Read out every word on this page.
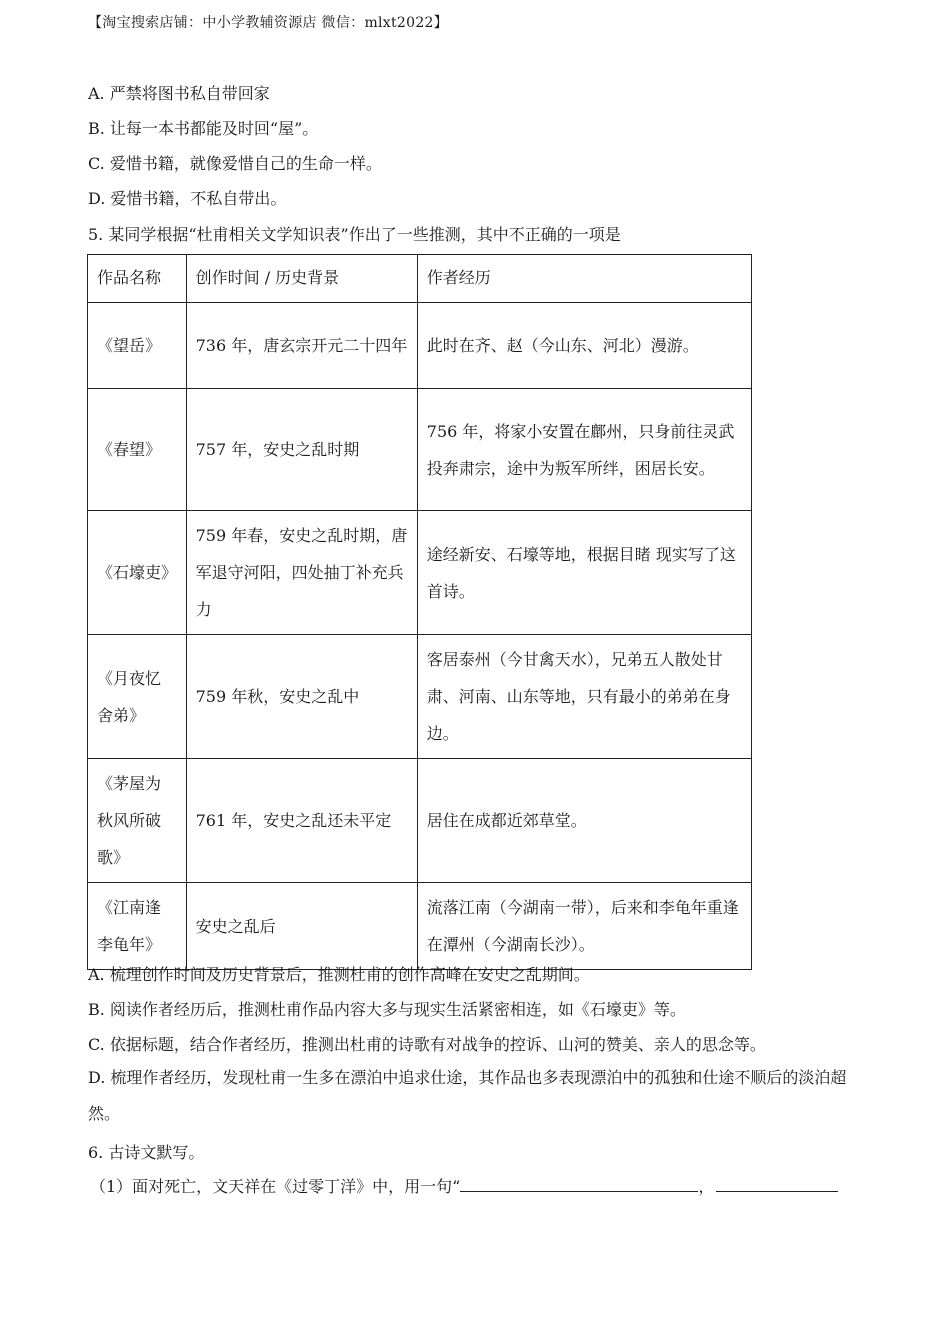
【淘宝搜索店铺：中小学教辅资源店 微信：mlxt2022】
A. 严禁将图书私自带回家
B. 让每一本书都能及时回“屋”。
C. 爱惜书籍，就像爱惜自己的生命一样。
D. 爱惜书籍，不私自带出。
5. 某同学根据“杜甫相关文学知识表”作出了一些推测，其中不正确的一项是
作品名称	创作时间 / 历史背景	作者经历
《望岳》	736 年，唐玄宗开元二十四年	此时在齐、赵（今山东、河北）漫游。
《春望》	757 年，安史之乱时期	756 年，将家小安置在鄜州，只身前往灵武投奔肃宗，途中为叛军所绊，困居长安。
《石壕吏》	759 年春，安史之乱时期，唐军退守河阳，四处抽丁补充兵力	途经新安、石壕等地，根据目睹 现实写了这首诗。
《月夜忆舍弟》	759 年秋，安史之乱中	客居泰州（今甘禽天水），兄弟五人散处甘肃、河南、山东等地，只有最小的弟弟在身边。
《茅屋为秋风所破歌》	761 年，安史之乱还未平定	居住在成都近郊草堂。
《江南逢李龟年》	安史之乱后	流落江南（今湖南一带），后来和李龟年重逢在潭州（今湖南长沙）。
A. 梳理创作时间及历史背景后，推测杜甫的创作高峰在安史之乱期间。
B. 阅读作者经历后，推测杜甫作品内容大多与现实生活紧密相连，如《石壕吏》等。
C. 依据标题，结合作者经历，推测出杜甫的诗歌有对战争的控诉、山河的赞美、亲人的思念等。
D. 梳理作者经历，发现杜甫一生多在漂泊中追求仕途，其作品也多表现漂泊中的孤独和仕途不顺后的淡泊超然。
6. 古诗文默写。
（1）面对死亡，文天祥在《过零丁洋》中，用一句“	，
